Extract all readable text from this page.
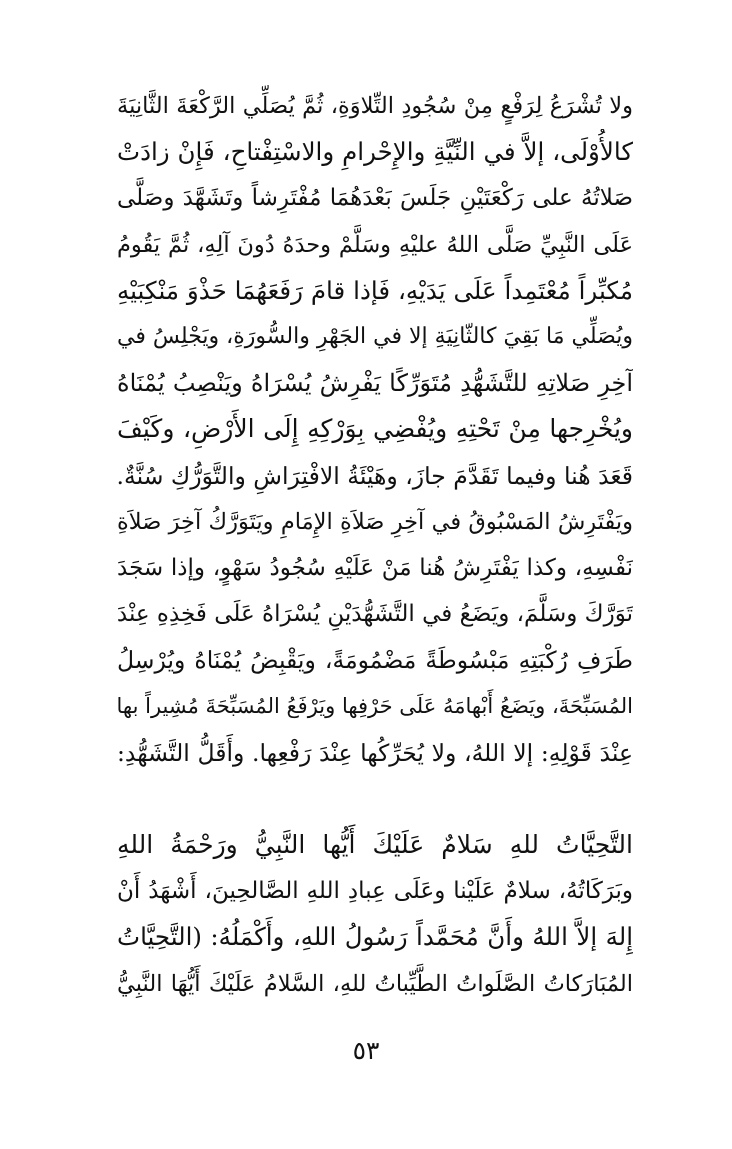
ولا تُشْرَعُ لِرَفْعٍ مِنْ سُجُودِ التِّلاوَةِ، ثُمَّ يُصَلِّي الرَّكْعَةَ الثَّانِيَةَ
كالأُوْلَى، إلاَّ في النِّيَّةِ والإِحْرامِ والاسْتِفْتاحِ، فَإِنْ زادَتْ
صَلاتُهُ على رَكْعَتَيْنِ جَلَسَ بَعْدَهُمَا مُفْتَرِشاً وتَشَهَّدَ وصَلَّى
عَلَى النَّبِيِّ صَلَّى اللهُ عليْهِ وسَلَّمْ وحدَهُ دُونَ آلِهِ، ثُمَّ يَقُومُ
مُكبِّراً مُعْتَمِداً عَلَى يَدَيْهِ، فَإذا قامَ رَفَعَهُمَا حَذْوَ مَنْكِبَيْهِ
ويُصَلِّي مَا بَقِيَ كالثّانِيَةِ إلا في الجَهْرِ والسُّورَةِ، ويَجْلِسُ في
آخِرِ صَلاتِهِ للتَّشَهُّدِ مُتَوَرِّكًا يَفْرِشُ يُسْرَاهُ ويَنْصِبُ يُمْنَاهُ
ويُخْرِجها مِنْ تَحْتِهِ ويُفْضِي بِوَرْكِهِ إِلَى الأَرْضِ، وكَيْفَ
قَعَدَ هُنا وفيما تَقَدَّمَ جازَ، وهَيْئَةُ الافْتِرَاشِ والتَّوَرُّكِ سُنَّةٌ.
ويَفْتَرِشُ المَسْبُوقُ في آخِرِ صَلاَةِ الإِمَامِ ويَتَوَرَّكُ آخِرَ صَلاَةِ
نَفْسِهِ، وكذا يَفْتَرِشُ هُنا مَنْ عَلَيْهِ سُجُودُ سَهْوٍ، وإذا سَجَدَ
تَوَرَّكَ وسَلَّمَ، ويَضَعُ في التَّشَهُّدَيْنِ يُسْرَاهُ عَلَى فَخِذِهِ عِنْدَ
طَرَفِ رُكْبَتِهِ مَبْسُوطَةً مَضْمُومَةً، ويَقْبِضُ يُمْنَاهُ ويُرْسِلُ
المُسَبِّحَةَ، ويَضَعُ أَبْهامَهُ عَلَى حَرْفِها ويَرْفَعُ المُسَبِّحَةَ مُشِيراً بها
عِنْدَ قَوْلِهِ: إلا اللهُ، ولا يُحَرِّكُها عِنْدَ رَفْعِها. وأَقَلُّ التَّشَهُّدِ:
التَّحِيَّاتُ للهِ سَلامٌ عَلَيْكَ أَيُّها النَّبِيُّ ورَحْمَةُ اللهِ
وبَرَكَاتُهُ، سلامٌ عَلَيْنا وعَلَى عِبادِ اللهِ الصَّالحِينَ، أَشْهَدُ أَنْ
إِلهَ إلاَّ اللهُ وأَنَّ مُحَمَّداً رَسُولُ اللهِ، وأَكْمَلُهُ: (التَّحِيَّاتُ
المُبَارَكاتُ الصَّلَواتُ الطَّيِّباتُ للهِ، السَّلامُ عَلَيْكَ أَيُّهَا النَّبِيُّ
٥٣
